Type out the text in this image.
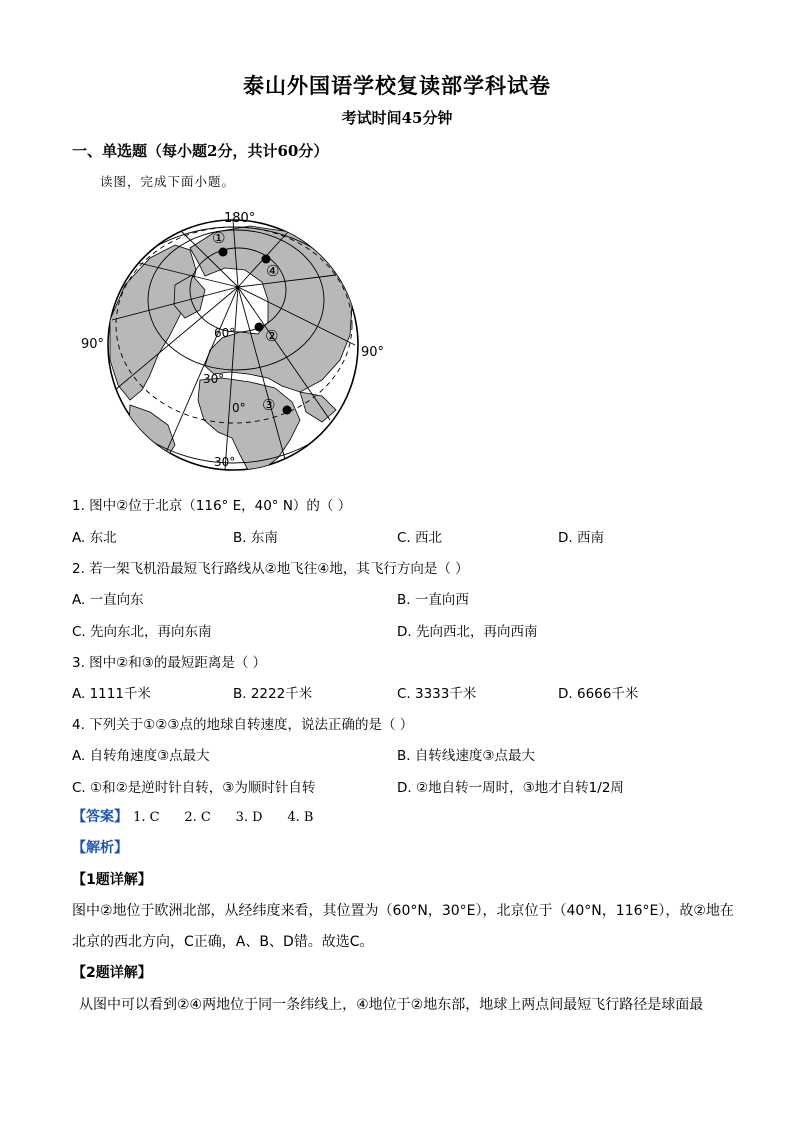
泰山外国语学校复读部学科试卷
考试时间45分钟
一、单选题（每小题2分，共计60分）
读图，完成下面小题。
180°
90°
90°
60°
30°
0°
30°
①
④
②
③
1. 图中②位于北京（116° E，40° N）的（ ）
A. 东北	B. 东南	C. 西北	D. 西南
2. 若一架飞机沿最短飞行路线从②地飞往④地，其飞行方向是（ ）
A. 一直向东	B. 一直向西
C. 先向东北，再向东南	D. 先向西北，再向西南
3. 图中②和③的最短距离是（ ）
A. 1111千米	B. 2222千米	C. 3333千米	D. 6666千米
4. 下列关于①②③点的地球自转速度，说法正确的是（ ）
A. 自转角速度③点最大	B. 自转线速度③点最大
C. ①和②是逆时针自转，③为顺时针自转	D. ②地自转一周时，③地才自转1/2周
【答案】 1. C      2. C      3. D      4. B
【解析】
【1题详解】
图中②地位于欧洲北部，从经纬度来看，其位置为（60°N，30°E），北京位于（40°N，116°E），故②地在
北京的西北方向，C正确，A、B、D错。故选C。
【2题详解】
从图中可以看到②④两地位于同一条纬线上，④地位于②地东部，地球上两点间最短飞行路径是球面最
